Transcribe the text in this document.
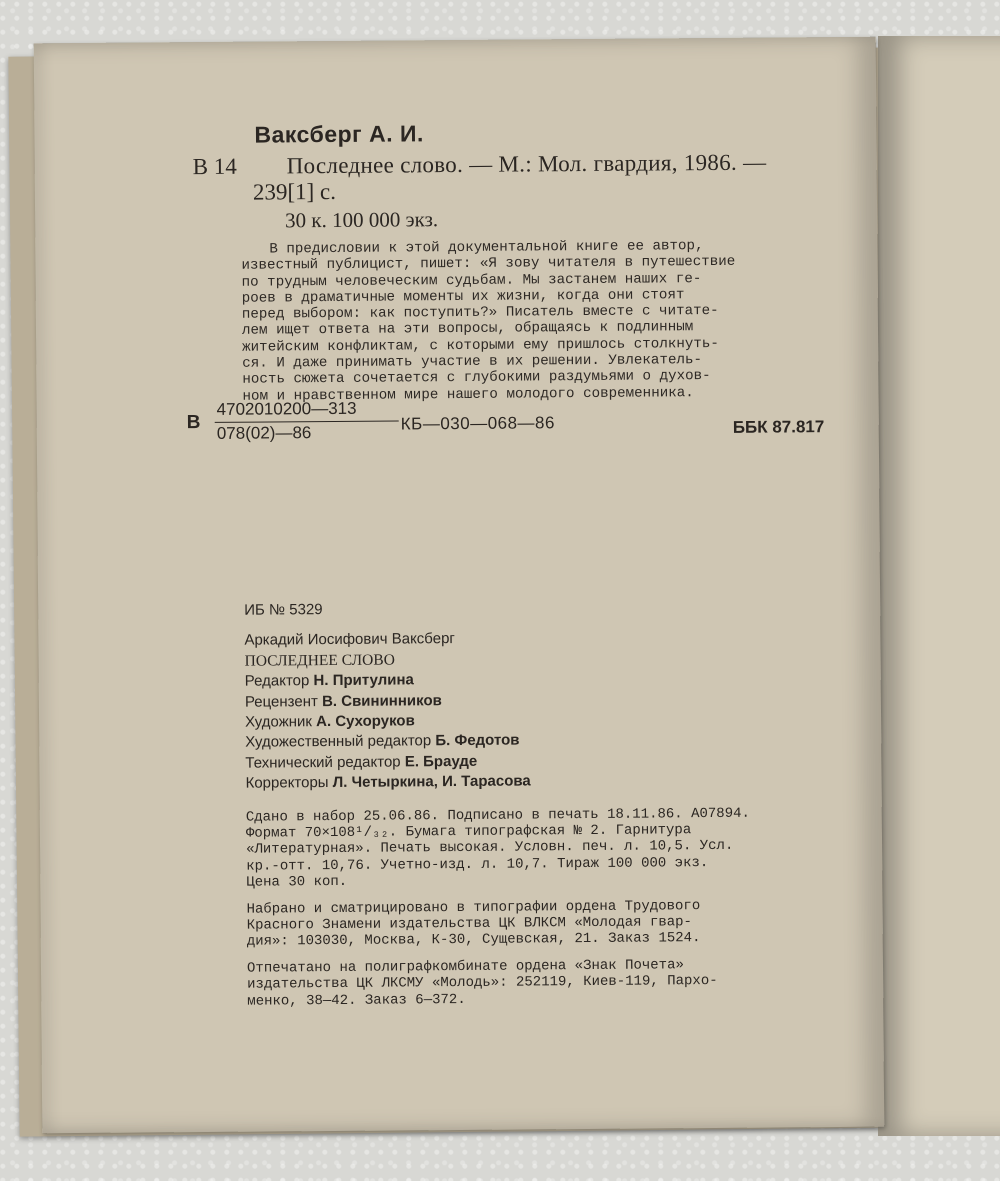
Ваксберг А. И.
В 14 Последнее слово. — М.: Мол. гвардия, 1986. —
239[1] с.
30 к. 100 000 экз.
В предисловии к этой документальной книге ее автор,
известный публицист, пишет: «Я зову читателя в путешествие
по трудным человеческим судьбам. Мы застанем наших ге-
роев в драматичные моменты их жизни, когда они стоят
перед выбором: как поступить?» Писатель вместе с читате-
лем ищет ответа на эти вопросы, обращаясь к подлинным
житейским конфликтам, с которыми ему пришлось столкнуть-
ся. И даже принимать участие в их решении. Увлекатель-
ность сюжета сочетается с глубокими раздумьями о духов-
ном и нравственном мире нашего молодого современника.
В
4702010200—313
078(02)—86	КБ—030—068—86	ББК 87.817
ИБ № 5329
Аркадий Иосифович Ваксберг
ПОСЛЕДНЕЕ СЛОВО
Редактор Н. Притулина
Рецензент В. Свининников
Художник А. Сухоруков
Художественный редактор Б. Федотов
Технический редактор Е. Брауде
Корректоры Л. Четыркина, И. Тарасова
Сдано в набор 25.06.86. Подписано в печать 18.11.86. А07894.
Формат 70×108¹/₃₂. Бумага типографская № 2. Гарнитура
«Литературная». Печать высокая. Условн. печ. л. 10,5. Усл.
кр.-отт. 10,76. Учетно-изд. л. 10,7. Тираж 100 000 экз.
Цена 30 коп.
Набрано и сматрицировано в типографии ордена Трудового
Красного Знамени издательства ЦК ВЛКСМ «Молодая гвар-
дия»: 103030, Москва, К-30, Сущевская, 21. Заказ 1524.
Отпечатано на полиграфкомбинате ордена «Знак Почета»
издательства ЦК ЛКСМУ «Молодь»: 252119, Киев-119, Пархо-
менко, 38—42. Заказ 6—372.
